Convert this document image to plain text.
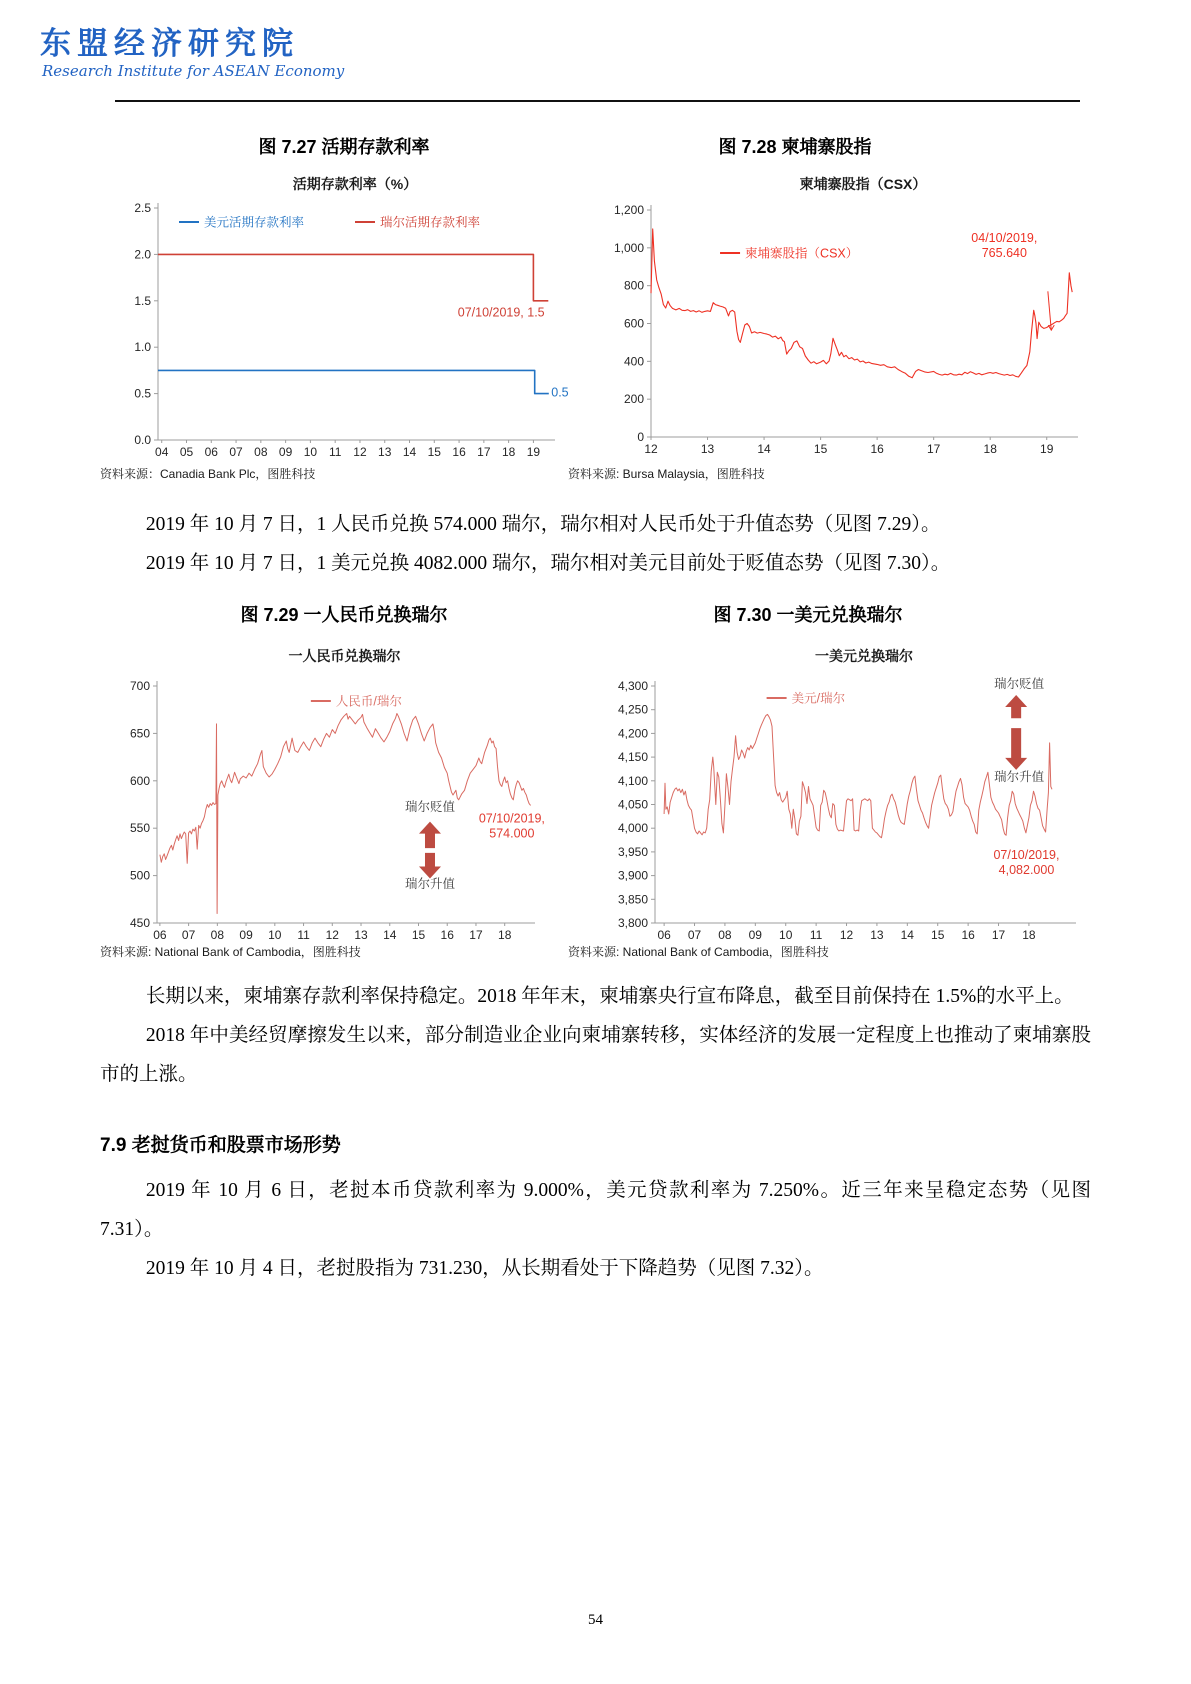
东盟经济研究院
Research Institute for ASEAN Economy
图 7.27 活期存款利率
活期存款利率（%）
0.0
0.5
1.0
1.5
2.0
2.5
04 05 06 07 08 09 10 11 12 13 14 15 16 17 18 19
美元活期存款利率	瑞尔活期存款利率
07/10/2019, 1.5
0.5
资料来源：Canadia Bank Plc，图胜科技
图 7.28 柬埔寨股指
柬埔寨股指（CSX）
0
200
400
600
800
1,000
1,200
12	13	14	15	16	17	18	19
柬埔寨股指（CSX）
04/10/2019,
765.640
资料来源: Bursa Malaysia，图胜科技

2019 年 10 月 7 日，1 人民币兑换 574.000 瑞尔，瑞尔相对人民币处于升值态势（见图 7.29）。

2019 年 10 月 7 日，1 美元兑换 4082.000 瑞尔，瑞尔相对美元目前处于贬值态势（见图 7.30）。

图 7.29 一人民币兑换瑞尔
一人民币兑换瑞尔
450
500
550
600
650
700
06 07 08 09 10 11 12 13 14 15 16 17 18
人民币/瑞尔
瑞尔贬值
瑞尔升值
07/10/2019,
574.000
资料来源: National Bank of Cambodia，图胜科技
图 7.30 一美元兑换瑞尔
一美元兑换瑞尔
3,800
3,850
3,900
3,950
4,000
4,050
4,100
4,150
4,200
4,250
4,300
06 07 08 09 10 11 12 13 14 15 16 17 18
美元/瑞尔
瑞尔贬值
瑞尔升值
07/10/2019,
4,082.000
资料来源: National Bank of Cambodia，图胜科技

长期以来，柬埔寨存款利率保持稳定。2018 年年末，柬埔寨央行宣布降息，截至目前保持在 1.5%的水平上。

2018 年中美经贸摩擦发生以来，部分制造业企业向柬埔寨转移，实体经济的发展一定程度上也推动了柬埔寨股市的上涨。

7.9 老挝货币和股票市场形势

2019 年 10 月 6 日，老挝本币贷款利率为 9.000%，美元贷款利率为 7.250%。近三年来呈稳定态势（见图 7.31）。

2019 年 10 月 4 日，老挝股指为 731.230，从长期看处于下降趋势（见图 7.32）。

54
